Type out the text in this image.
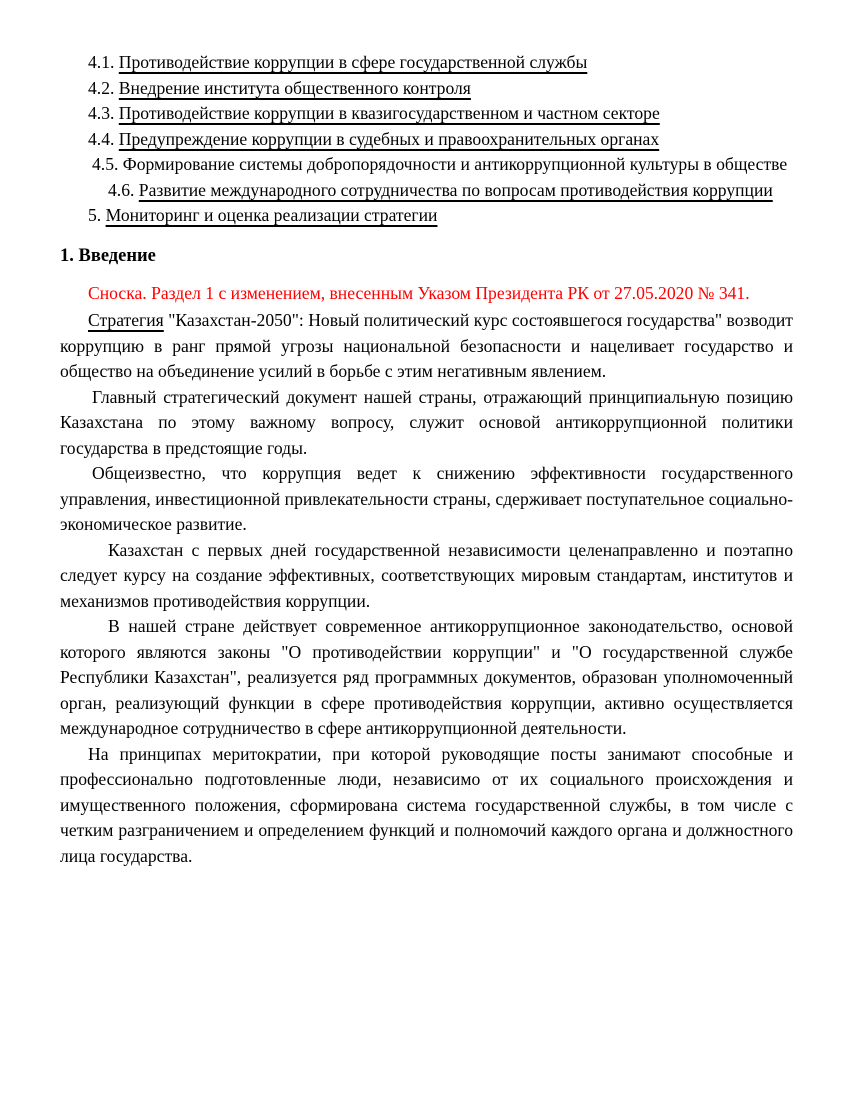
4.1. Противодействие коррупции в сфере государственной службы

4.2. Внедрение института общественного контроля

4.3. Противодействие коррупции в квазигосударственном и частном секторе

4.4. Предупреждение коррупции в судебных и правоохранительных органах

4.5. Формирование системы добропорядочности и антикоррупционной культуры в обществе

4.6. Развитие международного сотрудничества по вопросам противодействия коррупции

5. Мониторинг и оценка реализации стратегии

1. Введение

Сноска. Раздел 1 с изменением, внесенным Указом Президента РК от 27.05.2020 № 341.

Стратегия "Казахстан-2050": Новый политический курс состоявшегося государства" возводит коррупцию в ранг прямой угрозы национальной безопасности и нацеливает государство и общество на объединение усилий в борьбе с этим негативным явлением.

Главный стратегический документ нашей страны, отражающий принципиальную позицию Казахстана по этому важному вопросу, служит основой антикоррупционной политики государства в предстоящие годы.

Общеизвестно, что коррупция ведет к снижению эффективности государственного управления, инвестиционной привлекательности страны, сдерживает поступательное социально-экономическое развитие.

Казахстан с первых дней государственной независимости целенаправленно и поэтапно следует курсу на создание эффективных, соответствующих мировым стандартам, институтов и механизмов противодействия коррупции.

В нашей стране действует современное антикоррупционное законодательство, основой которого являются законы "О противодействии коррупции" и "О государственной службе Республики Казахстан", реализуется ряд программных документов, образован уполномоченный орган, реализующий функции в сфере противодействия коррупции, активно осуществляется международное сотрудничество в сфере антикоррупционной деятельности.

На принципах меритократии, при которой руководящие посты занимают способные и профессионально подготовленные люди, независимо от их социального происхождения и имущественного положения, сформирована система государственной службы, в том числе с четким разграничением и определением функций и полномочий каждого органа и должностного лица государства.
